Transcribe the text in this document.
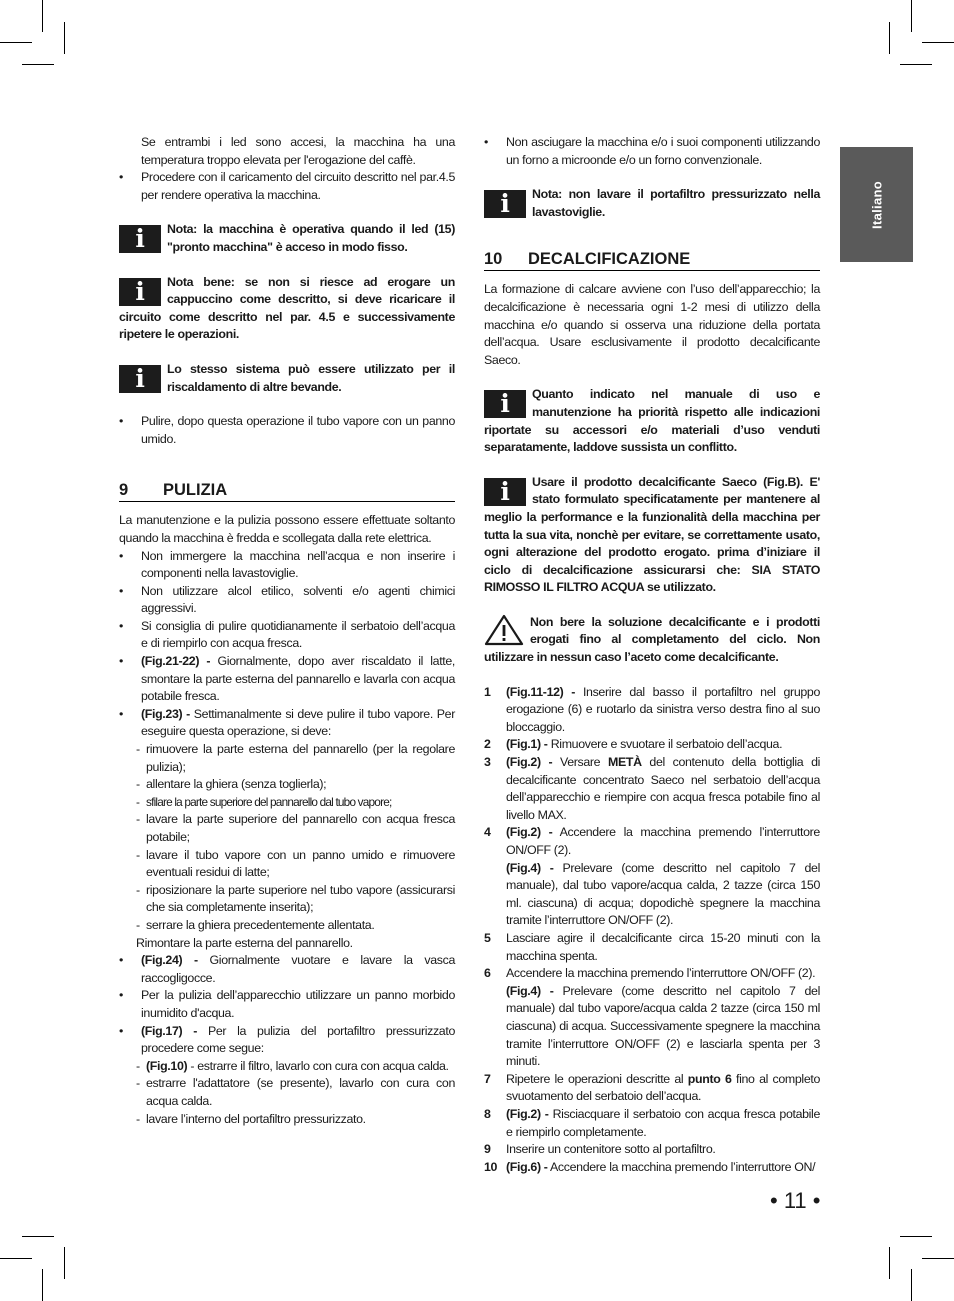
Italiano

Se entrambi i led sono accesi, la macchina ha una temperatura troppo elevata per l'erogazione del caffè.

• Procedere con il caricamento del circuito descritto nel par.4.5 per rendere operativa la macchina.

i	Nota: la macchina è operativa quando il led (15) "pronto macchina" è acceso in modo fisso.

i	Nota bene: se non si riesce ad erogare un cappuccino come descritto, si deve ricaricare il circuito come descritto nel par. 4.5 e successivamente ripetere le operazioni.

i	Lo stesso sistema può essere utilizzato per il riscaldamento di altre bevande.

• Pulire, dopo questa operazione il tubo vapore con un panno umido.

9 PULIZIA

La manutenzione e la pulizia possono essere effettuate soltanto quando la macchina è fredda e scollegata dalla rete elettrica.

• Non immergere la macchina nell’acqua e non inserire i componenti nella lavastoviglie.
• Non utilizzare alcol etilico, solventi e/o agenti chimici aggressivi.
• Si consiglia di pulire quotidianamente il serbatoio dell’acqua e di riempirlo con acqua fresca.
• (Fig.21-22) - Giornalmente, dopo aver riscaldato il latte, smontare la parte esterna del pannarello e lavarla con acqua potabile fresca.
• (Fig.23) - Settimanalmente si deve pulire il tubo vapore. Per eseguire questa operazione, si deve:
- rimuovere la parte esterna del pannarello (per la regolare pulizia);
- allentare la ghiera (senza toglierla);
- sfilare la parte superiore del pannarello dal tubo vapore;
- lavare la parte superiore del pannarello con acqua fresca potabile;
- lavare il tubo vapore con un panno umido e rimuovere eventuali residui di latte;
- riposizionare la parte superiore nel tubo vapore (assicurarsi che sia completamente inserita);
- serrare la ghiera precedentemente allentata.

Rimontare la parte esterna del pannarello.

• (Fig.24) - Giornalmente vuotare e lavare la vasca raccogligocce.
• Per la pulizia dell’apparecchio utilizzare un panno morbido inumidito d'acqua.
• (Fig.17) - Per la pulizia del portafiltro pressurizzato procedere come segue:
- (Fig.10) - estrarre il filtro, lavarlo con cura con acqua calda.
- estrarre l'adattatore (se presente), lavarlo con cura con acqua calda.
- lavare l’interno del portafiltro pressurizzato.
• Non asciugare la macchina e/o i suoi componenti utilizzando un forno a microonde e/o un forno convenzionale.

i	Nota: non lavare il portafiltro pressurizzato nella lavastoviglie.

10 DECALCIFICAZIONE

La formazione di calcare avviene con l’uso dell’apparecchio; la decalcificazione è necessaria ogni 1-2 mesi di utilizzo della macchina e/o quando si osserva una riduzione della portata dell’acqua. Usare esclusivamente il prodotto decalcificante Saeco.

i	Quanto indicato nel manuale di uso e manutenzione ha priorità rispetto alle indicazioni riportate su accessori e/o materiali d’uso venduti separatamente, laddove sussista un conflitto.

i	Usare il prodotto decalcificante Saeco (Fig.B). E' stato formulato specificatamente per mantenere al meglio la performance e la funzionalità della macchina per tutta la sua vita, nonchè per evitare, se correttamente usato, ogni alterazione del prodotto erogato. prima d’iniziare il ciclo di decalcificazione assicurarsi che: SIA STATO RIMOSSO IL FILTRO ACQUA se utilizzato.

Non bere la soluzione decalcificante e i prodotti erogati fino al completamento del ciclo. Non utilizzare in nessun caso l’aceto come decalcificante.

1 (Fig.11-12) - Inserire dal basso il portafiltro nel gruppo erogazione (6) e ruotarlo da sinistra verso destra fino al suo bloccaggio.
2 (Fig.1) - Rimuovere e svuotare il serbatoio dell’acqua.
3 (Fig.2) - Versare METÀ del contenuto della bottiglia di decalcificante concentrato Saeco nel serbatoio dell’acqua dell’apparecchio e riempire con acqua fresca potabile fino al livello MAX.
4 (Fig.2) - Accendere la macchina premendo l’interruttore ON/OFF (2).
(Fig.4) - Prelevare (come descritto nel capitolo 7 del manuale), dal tubo vapore/acqua calda, 2 tazze (circa 150 ml. ciascuna) di acqua; dopodichè spegnere la macchina tramite l’interruttore ON/OFF (2).
5 Lasciare agire il decalcificante circa 15-20 minuti con la macchina spenta.
6 Accendere la macchina premendo l’interruttore ON/OFF (2).
(Fig.4) - Prelevare (come descritto nel capitolo 7 del manuale) dal tubo vapore/acqua calda 2 tazze (circa 150 ml ciascuna) di acqua. Successivamente spegnere la macchina tramite l’interruttore ON/OFF (2) e lasciarla spenta per 3 minuti.
7 Ripetere le operazioni descritte al punto 6 fino al completo svuotamento del serbatoio dell’acqua.
8 (Fig.2) - Risciacquare il serbatoio con acqua fresca potabile e riempirlo completamente.
9 Inserire un contenitore sotto al portafiltro.
10 (Fig.6) - Accendere la macchina premendo l’interruttore ON/
• 11 •
